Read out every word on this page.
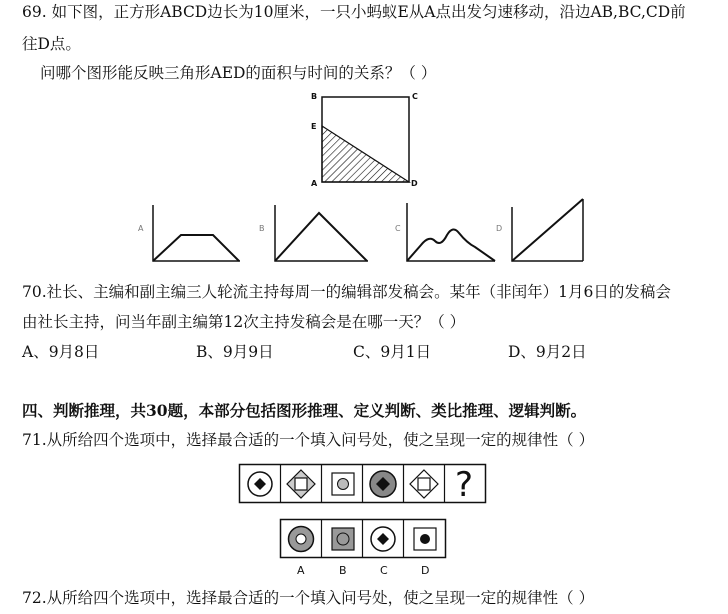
69. 如下图，正方形ABCD边长为10厘米，一只小蚂蚁E从A点出发匀速移动，沿边AB,BC,CD前
往D点。
问哪个图形能反映三角形AED的面积与时间的关系？（ ）
B	C
E
A	D
A	B	C	D
70.社长、主编和副主编三人轮流主持每周一的编辑部发稿会。某年（非闰年）1月6日的发稿会
由社长主持，问当年副主编第12次主持发稿会是在哪一天？（ ）
A、9月8日	B、9月9日	C、9月1日	D、9月2日
四、判断推理，共30题，本部分包括图形推理、定义判断、类比推理、逻辑判断。
71.从所给四个选项中，选择最合适的一个填入问号处，使之呈现一定的规律性（ ）
?
A	B	C	D
72.从所给四个选项中，选择最合适的一个填入问号处，使之呈现一定的规律性（ ）
